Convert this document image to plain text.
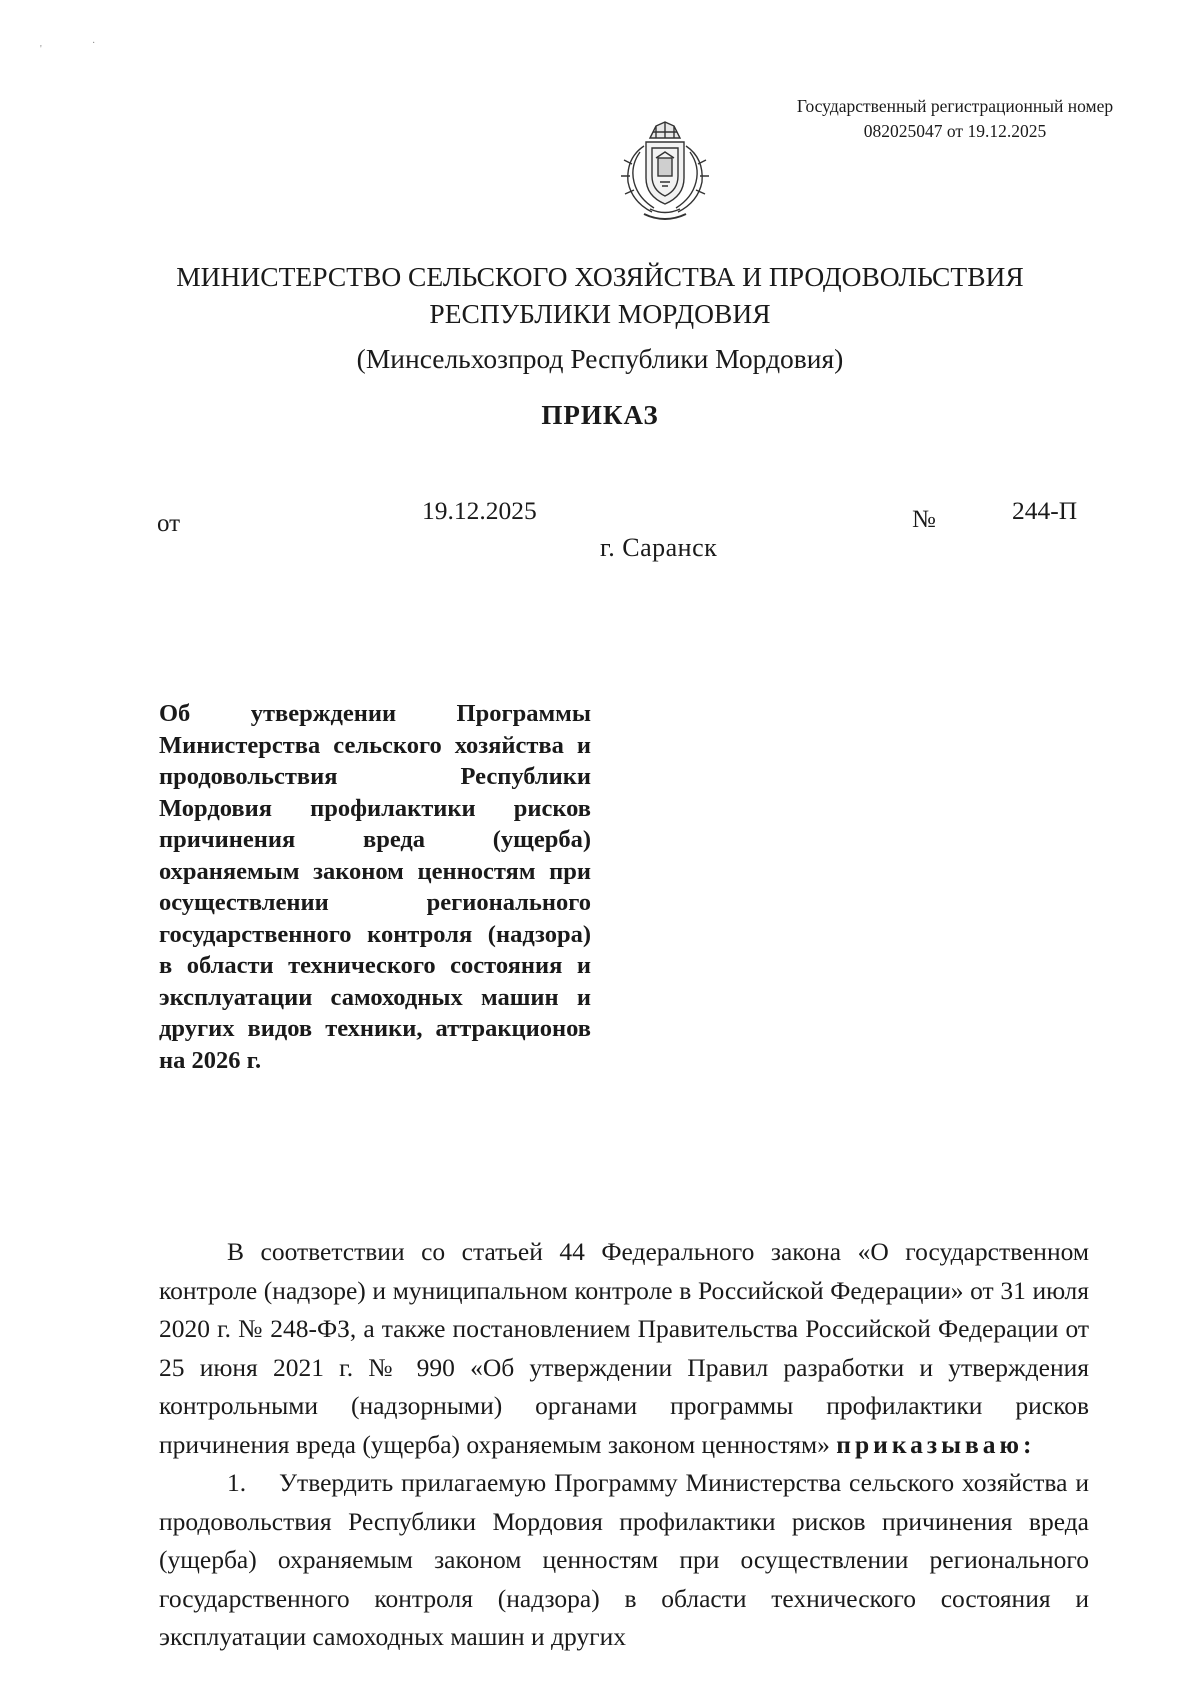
'
·
Государственный регистрационный номер
082025047 от 19.12.2025
МИНИСТЕРСТВО СЕЛЬСКОГО ХОЗЯЙСТВА И ПРОДОВОЛЬСТВИЯ
РЕСПУБЛИКИ МОРДОВИЯ
(Минсельхозпрод Республики Мордовия)
ПРИКАЗ
от	19.12.2025	№	244-П
г. Саранск
Об утверждении Программы Министерства сельского хозяйства и продовольствия Республики Мордовия профилактики рисков причинения вреда (ущерба) охраняемым законом ценностям при осуществлении регионального государственного контроля (надзора) в области технического состояния и эксплуатации самоходных машин и других видов техники, аттракционов на 2026 г.

В соответствии со статьей 44 Федерального закона «О государственном контроле (надзоре) и муниципальном контроле в Российской Федерации» от 31 июля 2020 г. № 248-ФЗ, а также постановлением Правительства Российской Федерации от 25 июня 2021 г. № 990 «Об утверждении Правил разработки и утверждения контрольными (надзорными) органами программы профилактики рисков причинения вреда (ущерба) охраняемым законом ценностям» приказываю:

1. Утвердить прилагаемую Программу Министерства сельского хозяйства и продовольствия Республики Мордовия профилактики рисков причинения вреда (ущерба) охраняемым законом ценностям при осуществлении регионального государственного контроля (надзора) в области технического состояния и эксплуатации самоходных машин и других
